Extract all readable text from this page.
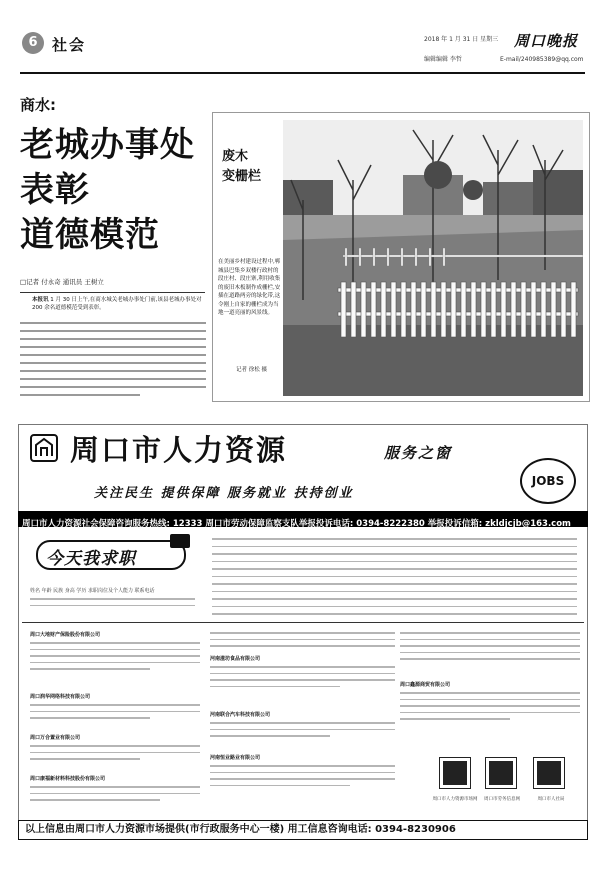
6 社会	2018 年 1 月 31 日 星期三 周口晚报
编辑编辑 李哲	E-mail/240985389@qq.com
商水:
老城办事处
表彰
道德模范
□记者 付永奇 通讯员 王树立
本报讯 1 月 30 日上午,在商水城关老城办事处门前,该县老城办事处对 200 余名道德模范受到表彰。
废木
变栅栏
在美丽乡村建设过程中,郸城县巴集乡双楼行政村的段庄村、段庄寨,利用收集的废旧木板制作成栅栏,安插在道路两旁的绿化带,这令刚上自家的栅栏成为当地一道亮丽的风景线。
记者 徐松 摄
周口市人力资源	服务之窗
关注民生 提供保障 服务就业 扶持创业
JOBS
周口市人力资源社会保障咨询服务热线: 12333 周口市劳动保障监察支队举报投诉电话: 0394-8222380 举报投诉信箱: zkldjcjb@163.com
今天我求职
姓名 年龄 民族 身高 学历 求职岗位及个人能力 联系电话
周口大地财产保险股份有限公司
周口润华网络科技有限公司
周口万合置业有限公司
周口康福新材料科技股份有限公司
河南滋坊食品有限公司
河南联合汽车科技有限公司
河南恒业路业有限公司
周口鑫源商贸有限公司
周口市人力资源市场网	周口市劳务信息网	周口市人社局
以上信息由周口市人力资源市场提供(市行政服务中心一楼) 用工信息咨询电话: 0394-8230906
